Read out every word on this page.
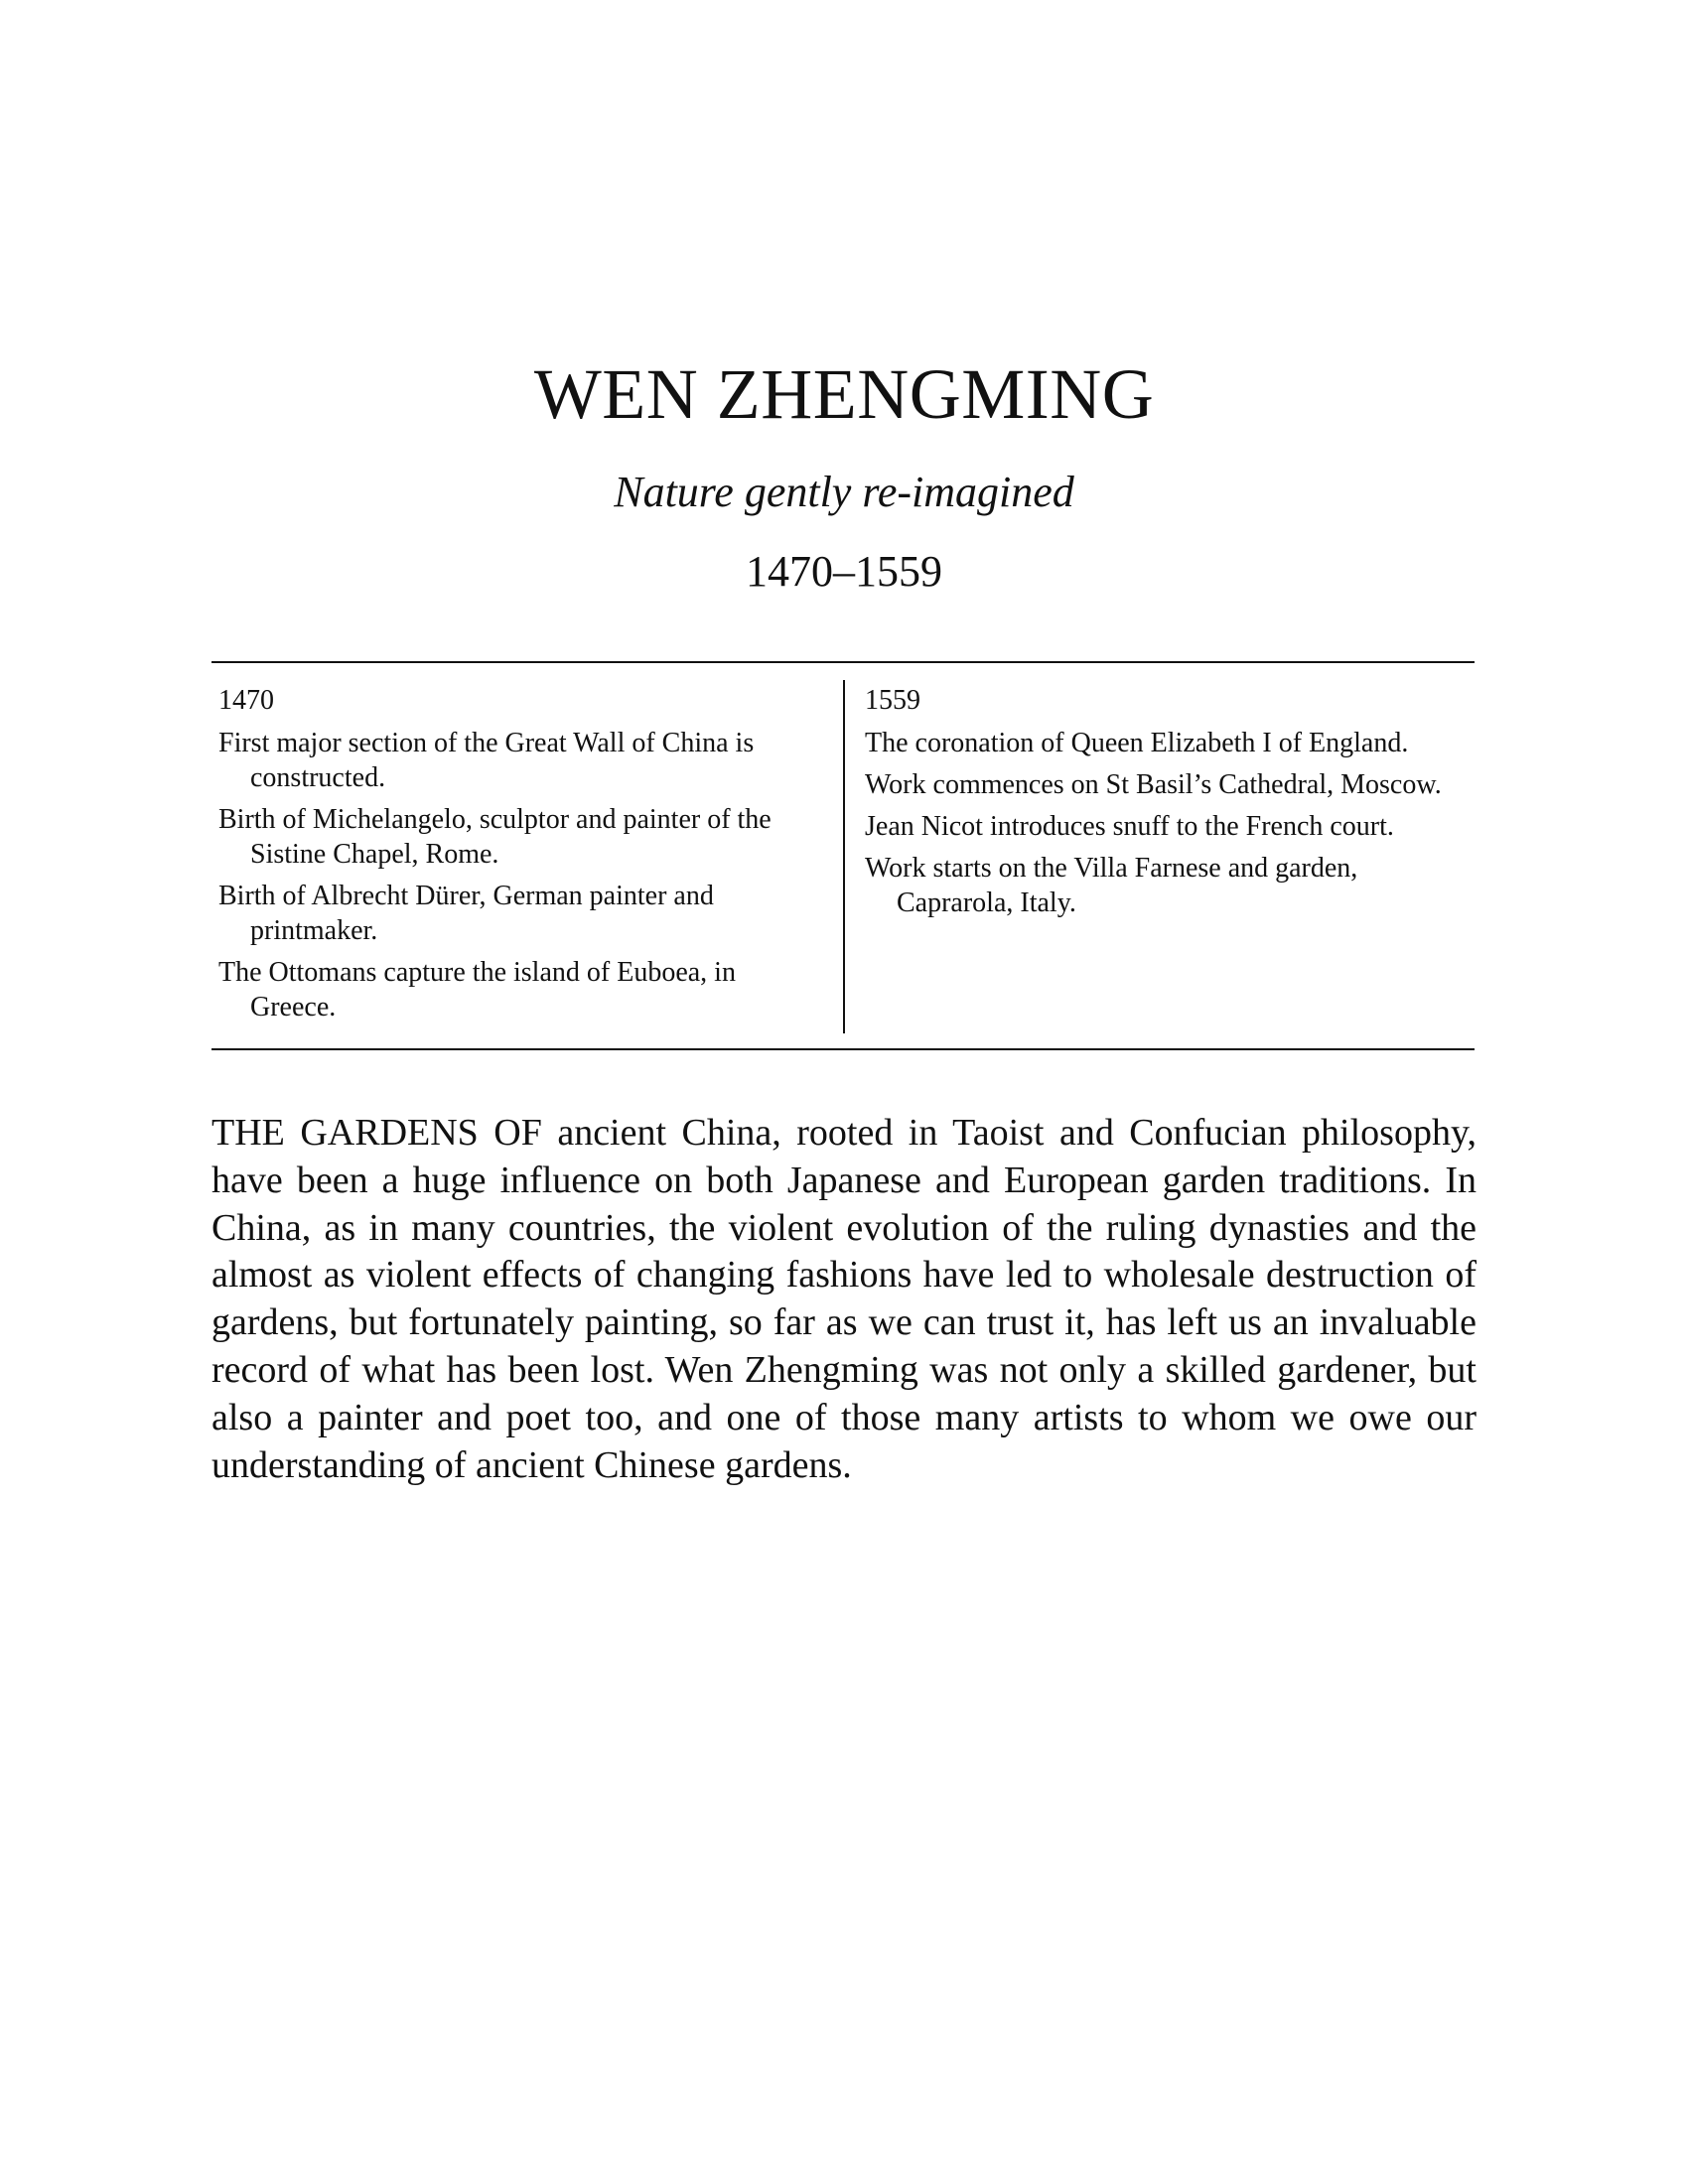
WEN ZHENGMING
Nature gently re-imagined
1470–1559
1470
First major section of the Great Wall of China is constructed.
Birth of Michelangelo, sculptor and painter of the Sistine Chapel, Rome.
Birth of Albrecht Dürer, German painter and printmaker.
The Ottomans capture the island of Euboea, in Greece.
1559
The coronation of Queen Elizabeth I of England.
Work commences on St Basil’s Cathedral, Moscow.
Jean Nicot introduces snuff to the French court.
Work starts on the Villa Farnese and garden, Caprarola, Italy.

THE GARDENS OF ancient China, rooted in Taoist and Confucian philosophy, have been a huge influence on both Japanese and European garden traditions. In China, as in many countries, the violent evolution of the ruling dynasties and the almost as violent effects of changing fashions have led to wholesale destruction of gardens, but fortunately painting, so far as we can trust it, has left us an invaluable record of what has been lost. Wen Zhengming was not only a skilled gardener, but also a painter and poet too, and one of those many artists to whom we owe our understanding of ancient Chinese gardens.
